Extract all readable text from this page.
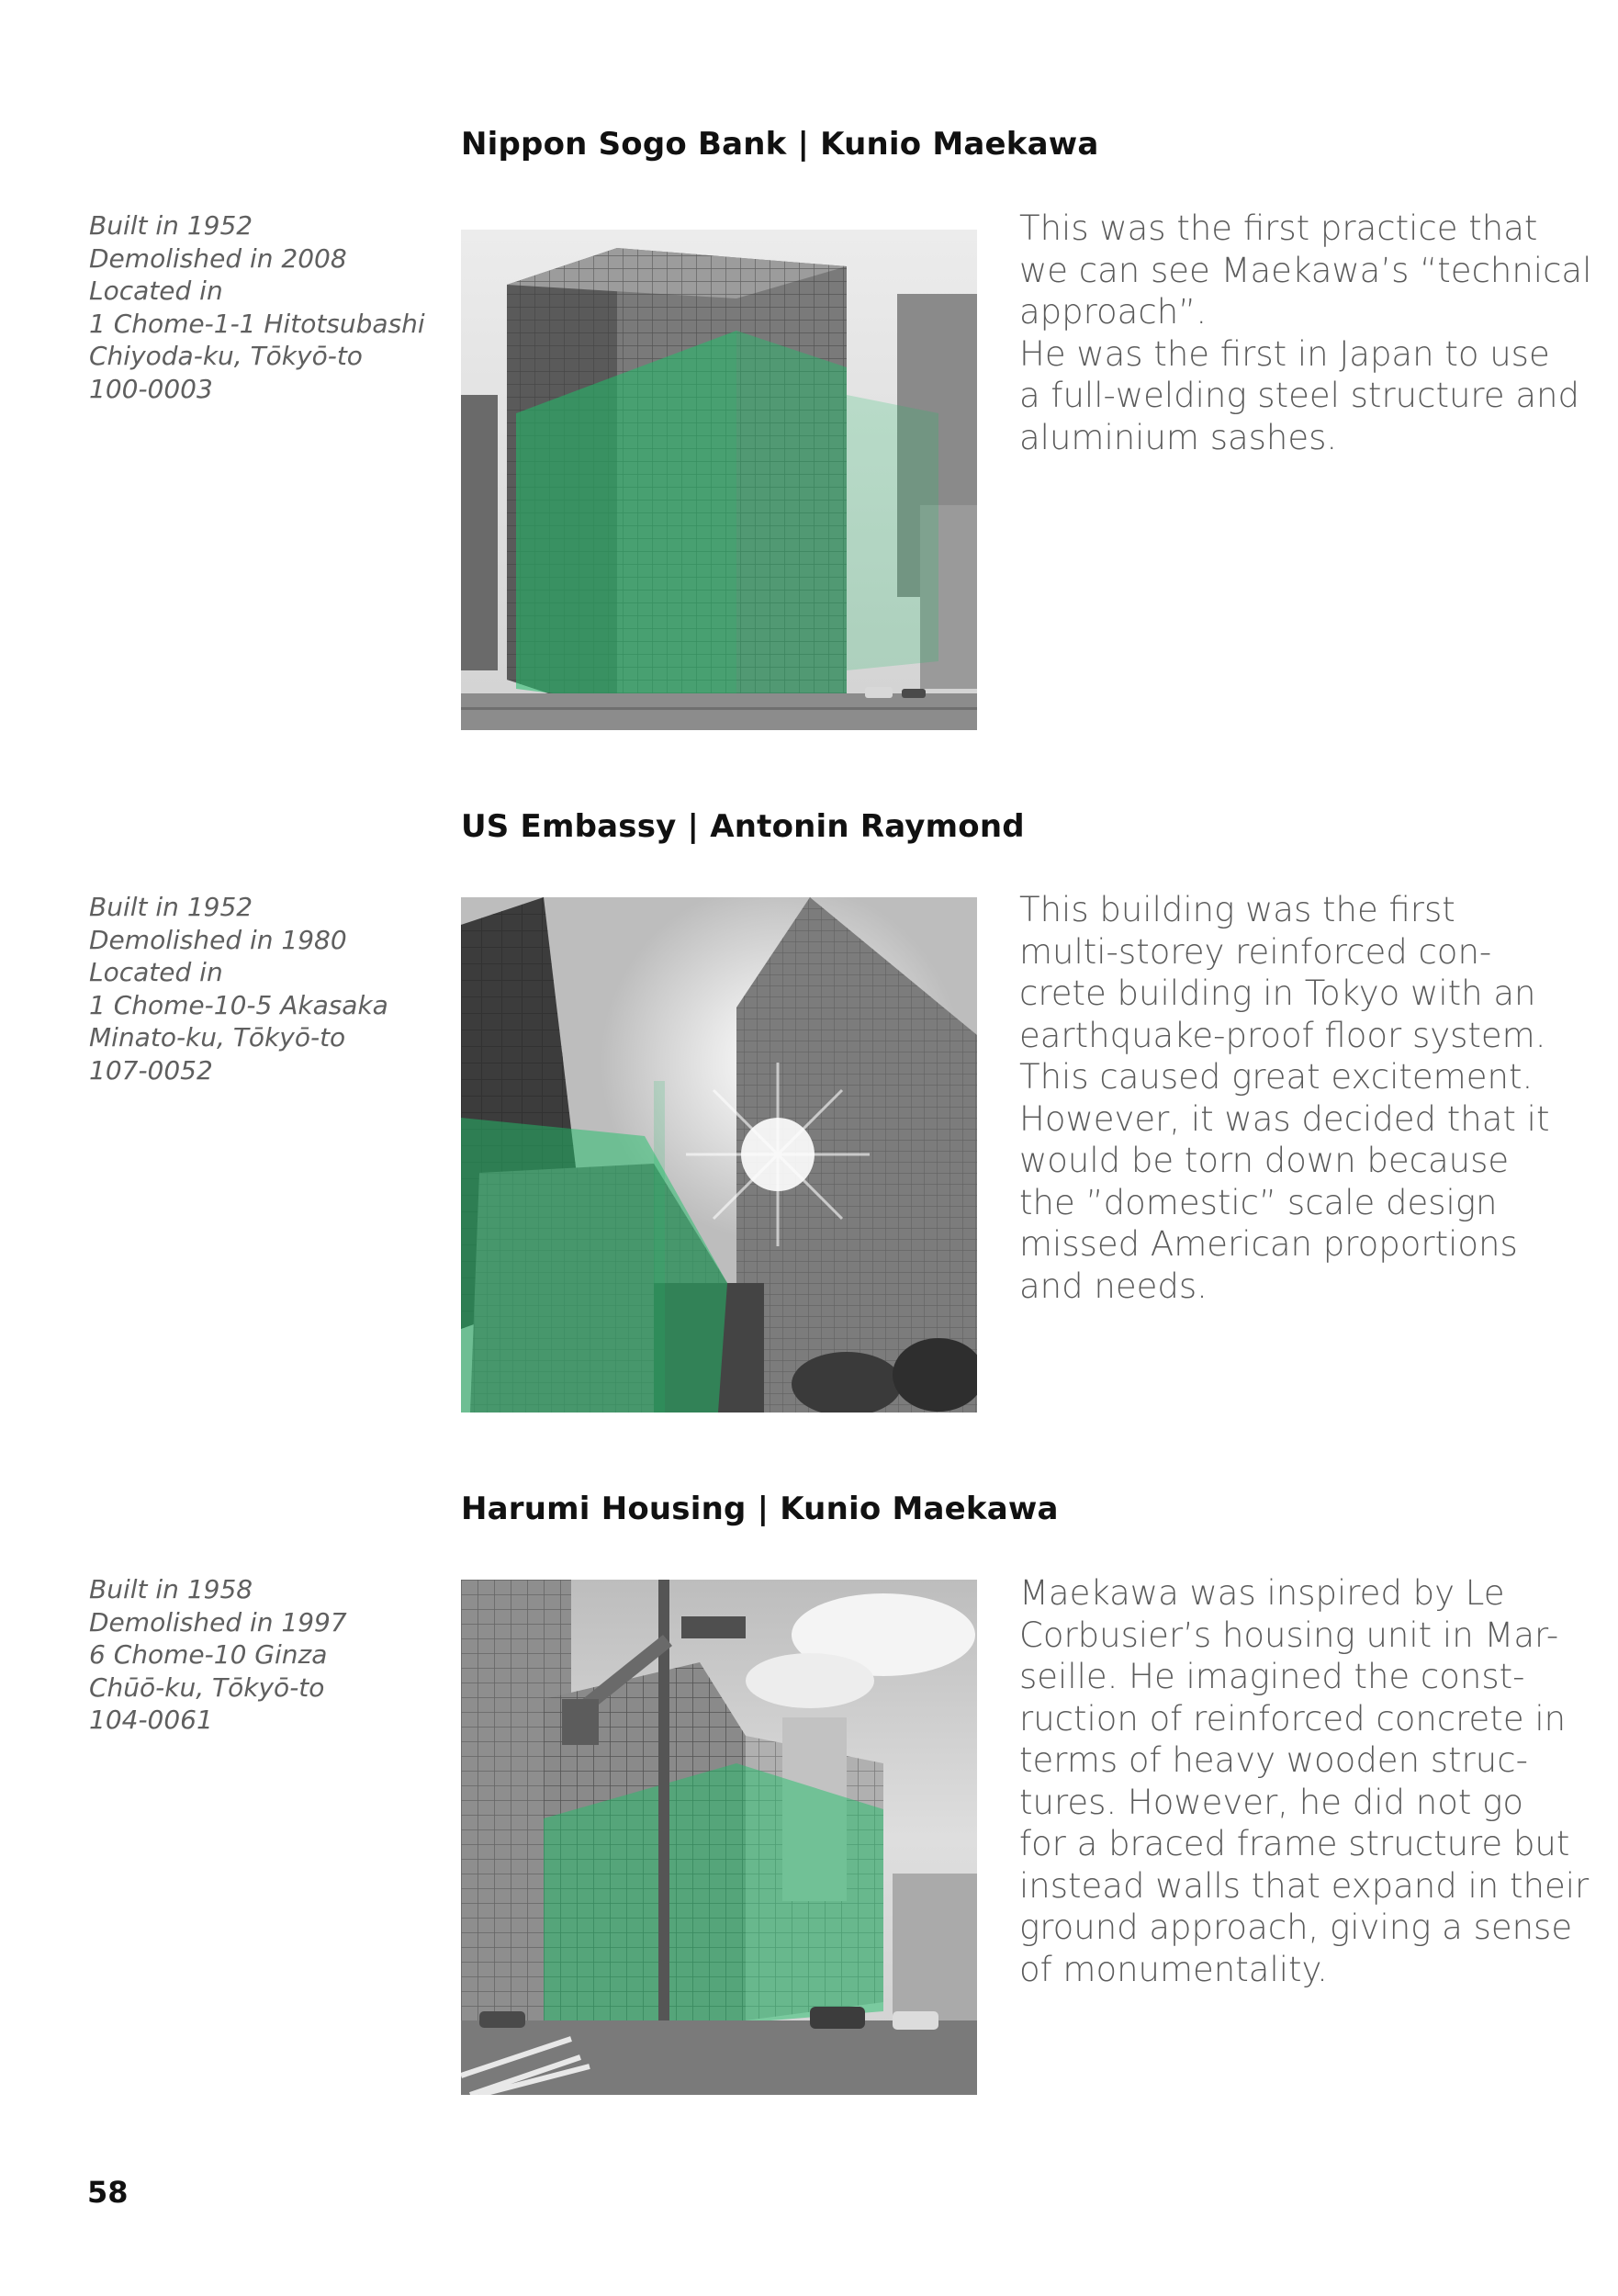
Nippon Sogo Bank | Kunio Maekawa
Built in 1952
Demolished in 2008
Located in
1 Chome-1-1 Hitotsubashi
Chiyoda-ku, Tōkyō-to
100-0003
This was the first practice that
we can see Maekawa’s “technical
approach”.
He was the first in Japan to use
a full-welding steel structure and
aluminium sashes.
US Embassy | Antonin Raymond
Built in 1952
Demolished in 1980
Located in
1 Chome-10-5 Akasaka
Minato-ku, Tōkyō-to
107-0052
This building was the first
multi-storey reinforced con-
crete building in Tokyo with an
earthquake-proof floor system.
This caused great excitement.
However, it was decided that it
would be torn down because
the ”domestic” scale design
missed American proportions
and needs.
Harumi Housing | Kunio Maekawa
Built in 1958
Demolished in 1997
6 Chome-10 Ginza
Chūō-ku, Tōkyō-to
104-0061
Maekawa was inspired by Le
Corbusier’s housing unit in Mar-
seille. He imagined the const-
ruction of reinforced concrete in
terms of heavy wooden struc-
tures. However, he did not go
for a braced frame structure but
instead walls that expand in their
ground approach, giving a sense
of monumentality.
58
